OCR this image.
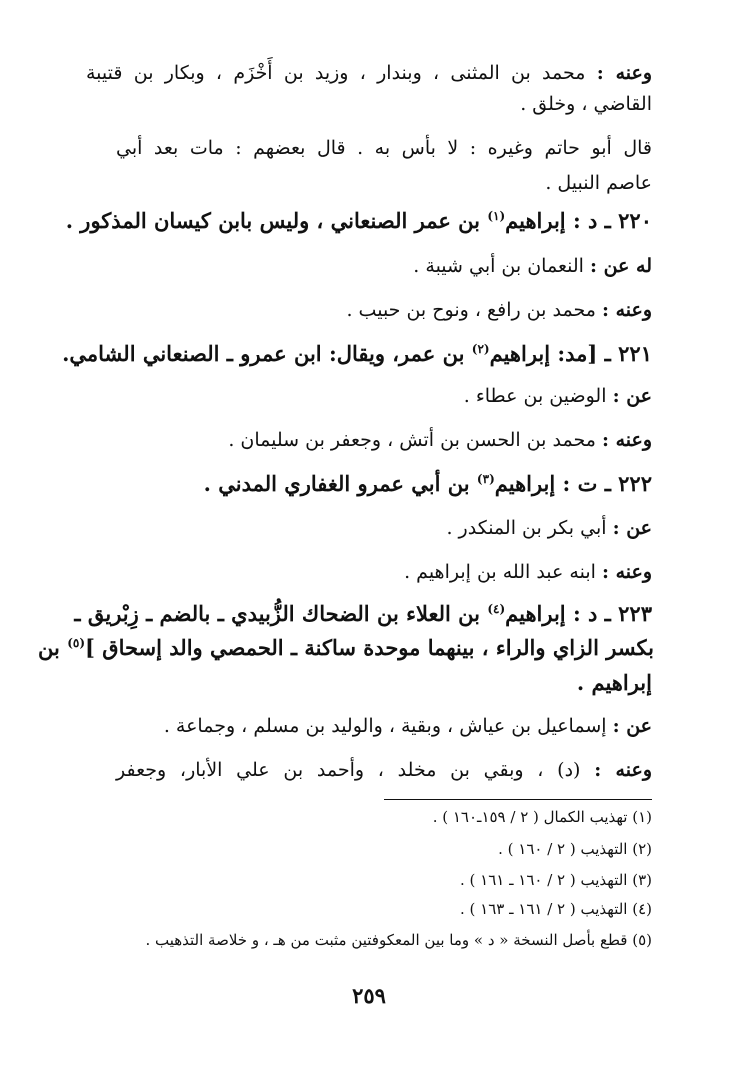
وعنه : محمد بن المثنى ، وبندار ، وزيد بن أَخْزَم ، وبكار بن قتيبة
القاضي ، وخلق .
قال أبو حاتم وغيره : لا بأس به . قال بعضهم : مات بعد أبي
عاصم النبيل .
٢٢٠ ـ د : إبراهيم$^{(١)}$ بن عمر الصنعاني ، وليس بابن كيسان المذكور .
له عن : النعمان بن أبي شيبة .
وعنه : محمد بن رافع ، ونوح بن حبيب .
٢٢١ ـ [مد: إبراهيم$^{(٢)}$ بن عمر، ويقال: ابن عمرو ـ الصنعاني الشامي.
عن : الوضين بن عطاء .
وعنه : محمد بن الحسن بن أتش ، وجعفر بن سليمان .
٢٢٢ ـ ت : إبراهيم$^{(٣)}$ بن أبي عمرو الغفاري المدني .
عن : أبي بكر بن المنكدر .
وعنه : ابنه عبد الله بن إبراهيم .
٢٢٣ ـ د : إبراهيم$^{(٤)}$ بن العلاء بن الضحاك الزُّبيدي ـ بالضم ـ زِبْريق ـ
بكسر الزاي والراء ، بينهما موحدة ساكنة ـ الحمصي والد إسحاق ]$^{(٥)}$ بن
إبراهيم .
عن : إسماعيل بن عياش ، وبقية ، والوليد بن مسلم ، وجماعة .
وعنه : (د) ، وبقي بن مخلد ، وأحمد بن علي الأبار، وجعفر
(١) تهذيب الكمال ( ٢ / ١٥٩ـ١٦٠ ) .
(٢) التهذيب ( ٢ / ١٦٠ ) .
(٣) التهذيب ( ٢ / ١٦٠ ـ ١٦١ ) .
(٤) التهذيب ( ٢ / ١٦١ ـ ١٦٣ ) .
(٥) قطع بأصل النسخة « د » وما بين المعكوفتين مثبت من هـ ، و خلاصة التذهيب .
٢٥٩
